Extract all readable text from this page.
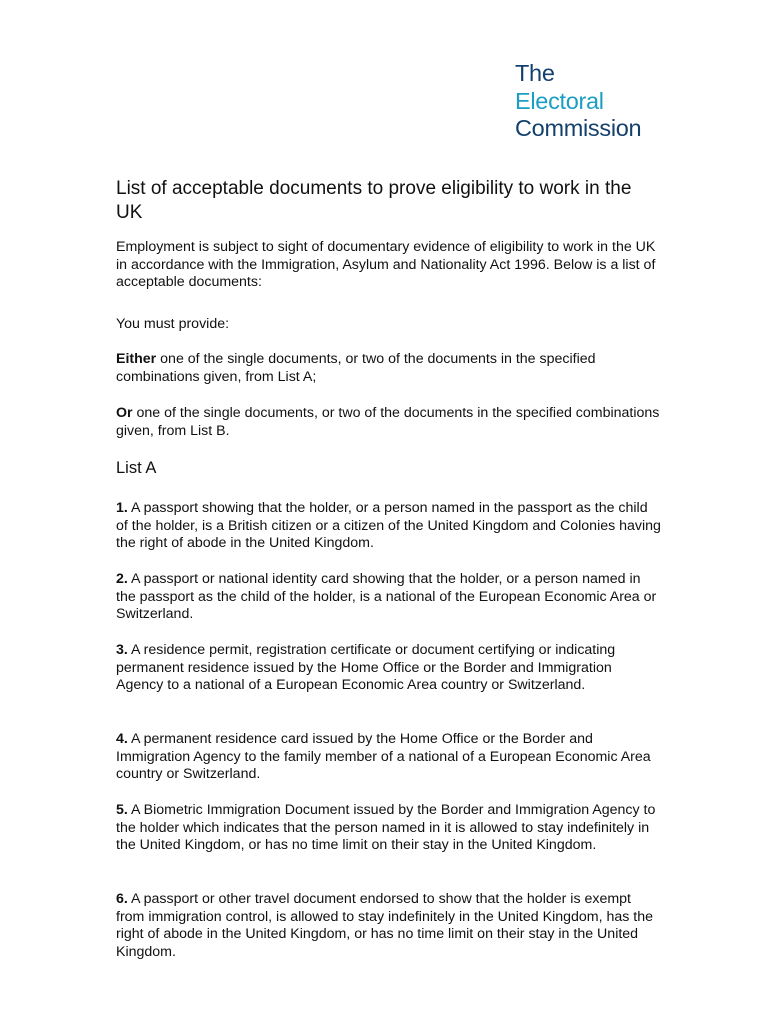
The
Electoral
Commission
List of acceptable documents to prove eligibility to work in the UK

Employment is subject to sight of documentary evidence of eligibility to work in the UK in accordance with the Immigration, Asylum and Nationality Act 1996. Below is a list of acceptable documents:

You must provide:

Either one of the single documents, or two of the documents in the specified combinations given, from List A;

Or one of the single documents, or two of the documents in the specified combinations given, from List B.

List A

1. A passport showing that the holder, or a person named in the passport as the child of the holder, is a British citizen or a citizen of the United Kingdom and Colonies having the right of abode in the United Kingdom.

2. A passport or national identity card showing that the holder, or a person named in the passport as the child of the holder, is a national of the European Economic Area or Switzerland.

3. A residence permit, registration certificate or document certifying or indicating permanent residence issued by the Home Office or the Border and Immigration Agency to a national of a European Economic Area country or Switzerland.

4. A permanent residence card issued by the Home Office or the Border and Immigration Agency to the family member of a national of a European Economic Area country or Switzerland.

5. A Biometric Immigration Document issued by the Border and Immigration Agency to the holder which indicates that the person named in it is allowed to stay indefinitely in the United Kingdom, or has no time limit on their stay in the United Kingdom.

6. A passport or other travel document endorsed to show that the holder is exempt from immigration control, is allowed to stay indefinitely in the United Kingdom, has the right of abode in the United Kingdom, or has no time limit on their stay in the United Kingdom.
